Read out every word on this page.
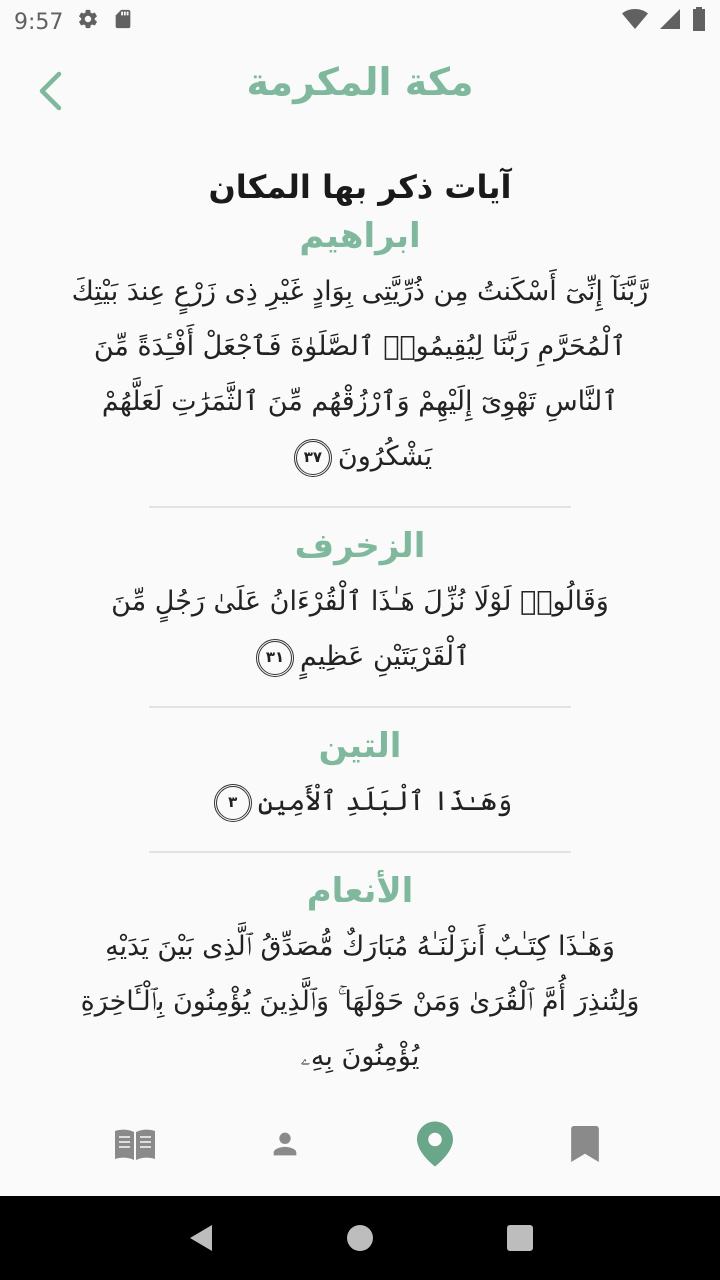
9:57
مكة المكرمة
آيات ذكر بها المكان
ابراهيم

رَّبَّنَآ إِنِّىٓ أَسْكَنتُ مِن ذُرِّيَّتِى بِوَادٍ غَيْرِ ذِى زَرْعٍ عِندَ بَيْتِكَ ٱلْمُحَرَّمِ رَبَّنَا لِيُقِيمُوا۟ ٱلصَّلَوٰةَ فَٱجْعَلْ أَفْـِٔدَةً مِّنَ ٱلنَّاسِ تَهْوِىٓ إِلَيْهِمْ وَٱرْزُقْهُم مِّنَ ٱلثَّمَرَٰتِ لَعَلَّهُمْ يَشْكُرُونَ٣٧

الزخرف

وَقَالُوا۟ لَوْلَا نُزِّلَ هَـٰذَا ٱلْقُرْءَانُ عَلَىٰ رَجُلٍ مِّنَ ٱلْقَرْيَتَيْنِ عَظِيمٍ٣١

التين

وَهَـٰذَا ٱلْبَلَدِ ٱلْأَمِينِ٣

الأنعام

وَهَـٰذَا كِتَـٰبٌ أَنزَلْنَـٰهُ مُبَارَكٌ مُّصَدِّقُ ٱلَّذِى بَيْنَ يَدَيْهِ وَلِتُنذِرَ أُمَّ ٱلْقُرَىٰ وَمَنْ حَوْلَهَا ۚ وَٱلَّذِينَ يُؤْمِنُونَ بِٱلْـَٔاخِرَةِ يُؤْمِنُونَ بِهِۦ
